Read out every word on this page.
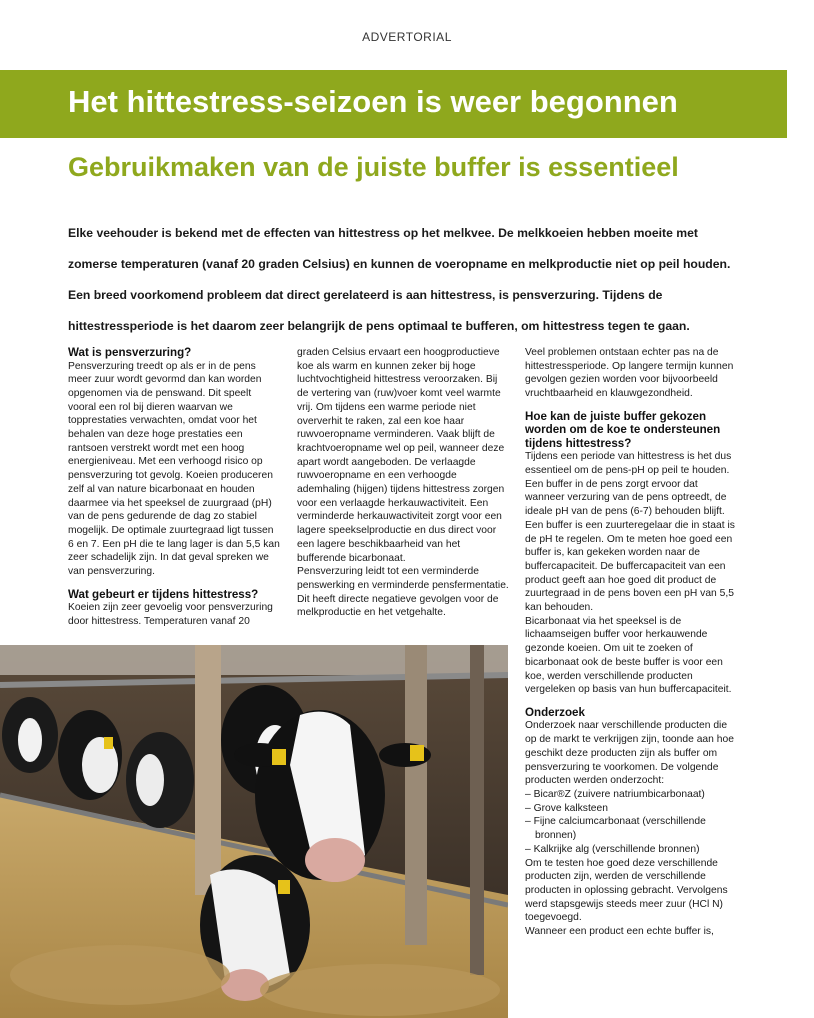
ADVERTORIAL
Het hittestress-seizoen is weer begonnen
Gebruikmaken van de juiste buffer is essentieel
Elke veehouder is bekend met de effecten van hittestress op het melkvee. De melkkoeien hebben moeite met
zomerse temperaturen (vanaf 20 graden Celsius) en kunnen de voeropname en melkproductie niet op peil houden.
Een breed voorkomend probleem dat direct gerelateerd is aan hittestress, is pensverzuring. Tijdens de
hittestressperiode is het daarom zeer belangrijk de pens optimaal te bufferen, om hittestress tegen te gaan.
Wat is pensverzuring?

Pensverzuring treedt op als er in de pens meer zuur wordt gevormd dan kan worden opgenomen via de penswand. Dit speelt vooral een rol bij dieren waarvan we topprestaties verwachten, omdat voor het behalen van deze hoge prestaties een rantsoen verstrekt wordt met een hoog energieniveau. Met een verhoogd risico op pensverzuring tot gevolg. Koeien produceren zelf al van nature bicarbonaat en houden daarmee via het speeksel de zuurgraad (pH) van de pens gedurende de dag zo stabiel mogelijk. De optimale zuurtegraad ligt tussen 6 en 7. Een pH die te lang lager is dan 5,5 kan zeer schadelijk zijn. In dat geval spreken we van pensverzuring.

Wat gebeurt er tijdens hittestress?

Koeien zijn zeer gevoelig voor pensverzuring door hittestress. Temperaturen vanaf 20

graden Celsius ervaart een hoogproductieve koe als warm en kunnen zeker bij hoge luchtvochtigheid hittestress veroorzaken. Bij de vertering van (ruw)voer komt veel warmte vrij. Om tijdens een warme periode niet oververhit te raken, zal een koe haar ruwvoeropname verminderen. Vaak blijft de krachtvoeropname wel op peil, wanneer deze apart wordt aangeboden. De verlaagde ruwvoeropname en een verhoogde ademhaling (hijgen) tijdens hittestress zorgen voor een verlaagde herkauwactiviteit. Een verminderde herkauwactiviteit zorgt voor een lagere speekselproductie en dus direct voor een lagere beschikbaarheid van het bufferende bicarbonaat.

Pensverzuring leidt tot een verminderde penswerking en verminderde pensfermentatie. Dit heeft directe negatieve gevolgen voor de melkproductie en het vetgehalte.

Veel problemen ontstaan echter pas na de hittestressperiode. Op langere termijn kunnen gevolgen gezien worden voor bijvoorbeeld vruchtbaarheid en klauwgezondheid.

Hoe kan de juiste buffer gekozen worden om de koe te ondersteunen tijdens hittestress?

Tijdens een periode van hittestress is het dus essentieel om de pens-pH op peil te houden. Een buffer in de pens zorgt ervoor dat wanneer verzuring van de pens optreedt, de ideale pH van de pens (6-7) behouden blijft. Een buffer is een zuurteregelaar die in staat is de pH te regelen. Om te meten hoe goed een buffer is, kan gekeken worden naar de buffercapaciteit. De buffercapaciteit van een product geeft aan hoe goed dit product de zuurtegraad in de pens boven een pH van 5,5 kan behouden.

Bicarbonaat via het speeksel is de lichaamseigen buffer voor herkauwende gezonde koeien. Om uit te zoeken of bicarbonaat ook de beste buffer is voor een koe, werden verschillende producten vergeleken op basis van hun buffercapaciteit.

Onderzoek

Onderzoek naar verschillende producten die op de markt te verkrijgen zijn, toonde aan hoe geschikt deze producten zijn als buffer om pensverzuring te voorkomen. De volgende producten werden onderzocht:

– Bicar®Z (zuivere natriumbicarbonaat)
– Grove kalksteen
– Fijne calciumcarbonaat (verschillende bronnen)
– Kalkrijke alg (verschillende bronnen)

Om te testen hoe goed deze verschillende producten zijn, werden de verschillende producten in oplossing gebracht. Vervolgens werd stapsgewijs steeds meer zuur (HCl N) toegevoegd.

Wanneer een product een echte buffer is,
